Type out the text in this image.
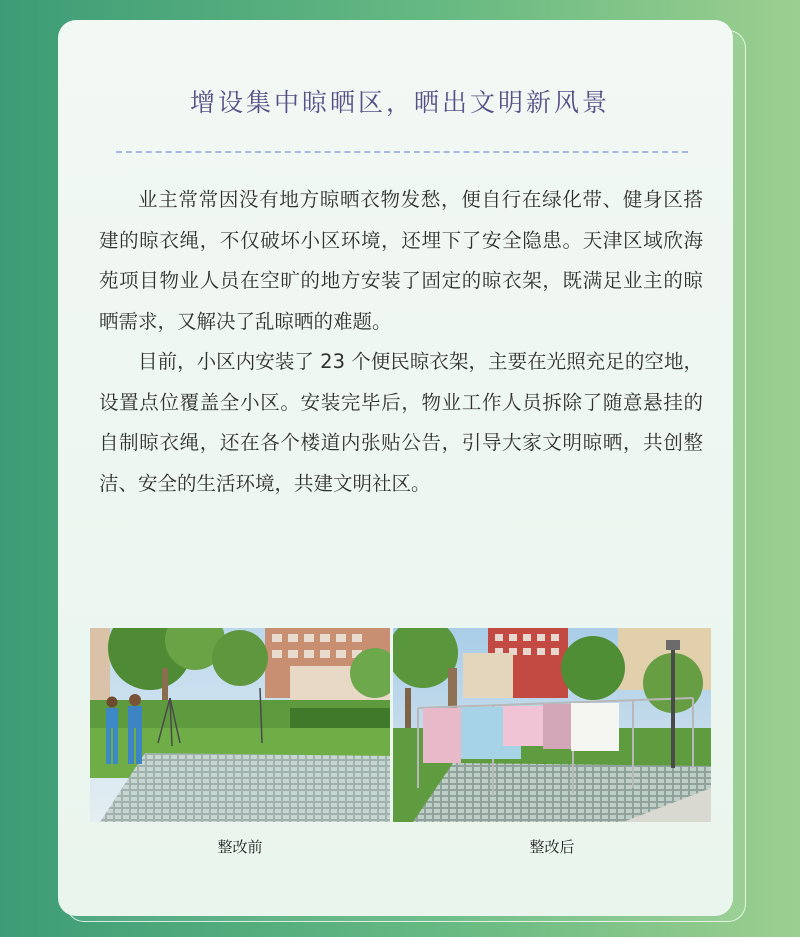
增设集中晾晒区，晒出文明新风景

业主常常因没有地方晾晒衣物发愁，便自行在绿化带、健身区搭建的晾衣绳，不仅破坏小区环境，还埋下了安全隐患。天津区域欣海苑项目物业人员在空旷的地方安装了固定的晾衣架，既满足业主的晾晒需求，又解决了乱晾晒的难题。

目前，小区内安装了 23 个便民晾衣架，主要在光照充足的空地，设置点位覆盖全小区。安装完毕后，物业工作人员拆除了随意悬挂的自制晾衣绳，还在各个楼道内张贴公告，引导大家文明晾晒，共创整洁、安全的生活环境，共建文明社区。

整改前	整改后
